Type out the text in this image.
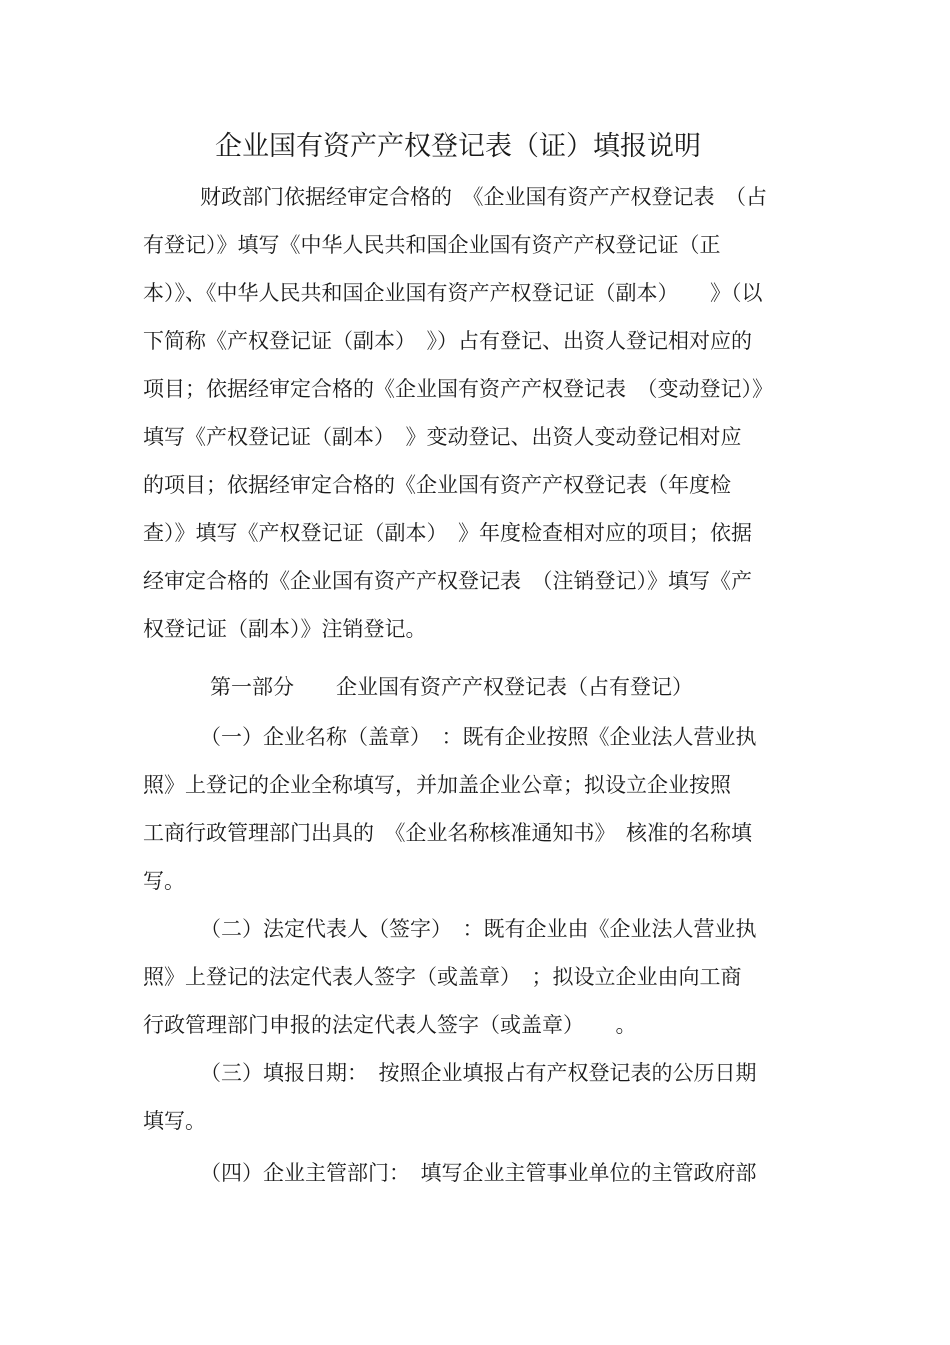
企业国有资产产权登记表（证）填报说明
财政部门依据经审定合格的　《企业国有资产产权登记表　（占
有登记）》填写《中华人民共和国企业国有资产产权登记证（正
本）》、《中华人民共和国企业国有资产产权登记证（副本）　　》（以
下简称《产权登记证（副本）　》）占有登记、出资人登记相对应的
项目；依据经审定合格的《企业国有资产产权登记表　（变动登记）》
填写《产权登记证（副本）　》变动登记、出资人变动登记相对应
的项目；依据经审定合格的《企业国有资产产权登记表（年度检
查）》填写《产权登记证（副本）　》年度检查相对应的项目；依据
经审定合格的《企业国有资产产权登记表　（注销登记）》填写《产
权登记证（副本）》注销登记。
第一部分　　企业国有资产产权登记表（占有登记）
（一）企业名称（盖章）　：既有企业按照《企业法人营业执
照》上登记的企业全称填写，并加盖企业公章；拟设立企业按照
工商行政管理部门出具的　《企业名称核准通知书》　核准的名称填
写。
（二）法定代表人（签字）　：既有企业由《企业法人营业执
照》上登记的法定代表人签字（或盖章）　；拟设立企业由向工商
行政管理部门申报的法定代表人签字（或盖章）　　。
（三）填报日期：　按照企业填报占有产权登记表的公历日期
填写。
（四）企业主管部门：　填写企业主管事业单位的主管政府部
